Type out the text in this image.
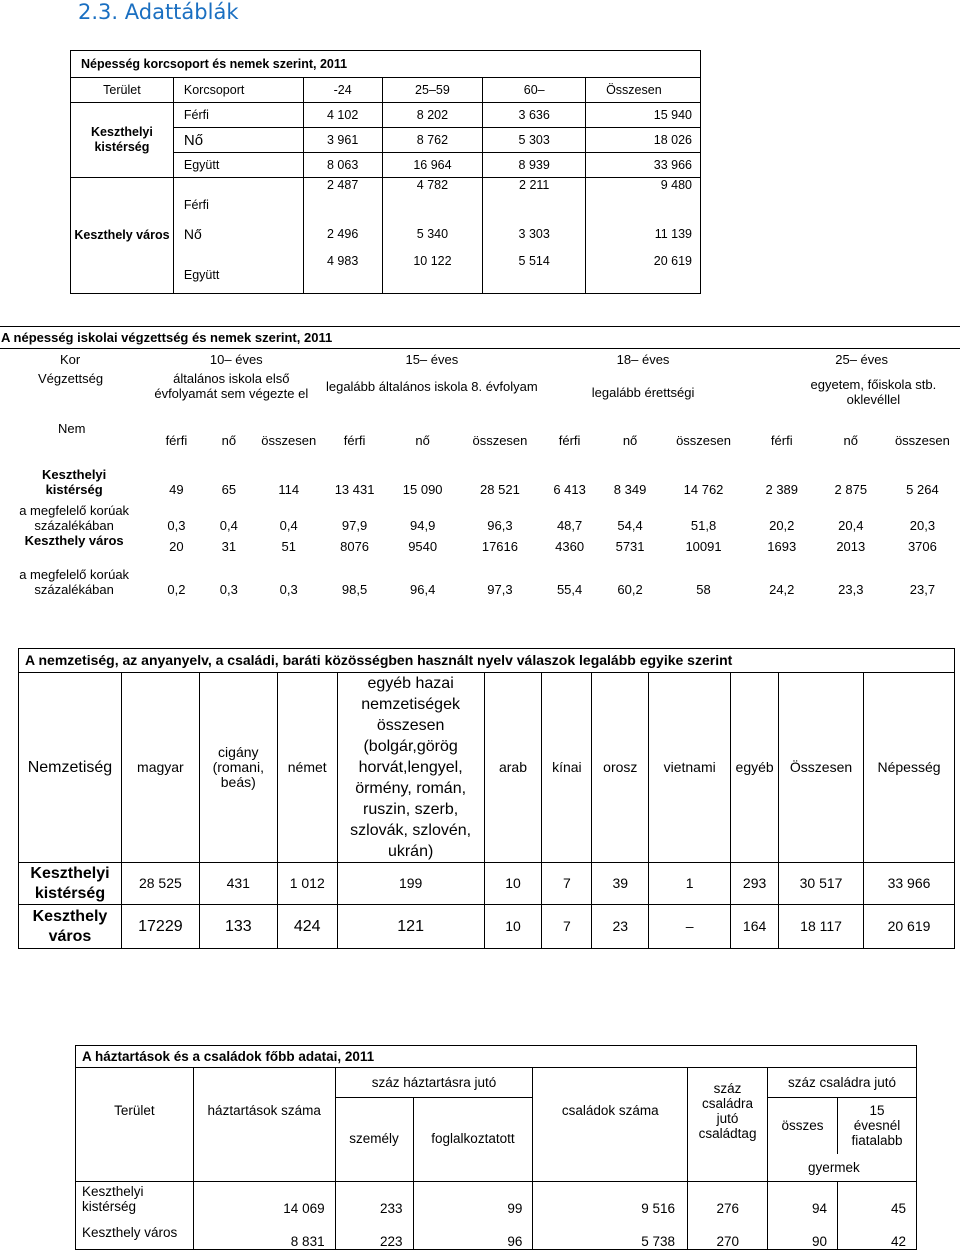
2.3. Adattáblák
Népesség korcsoport és nemek szerint, 2011					
Terület	Korcsoport	-24	25–59	60–	Összesen
Keszthelyi kistérség	Férfi	4 102	8 202	3 636	15 940
	Nő	3 961	8 762	5 303	18 026
	Együtt	8 063	16 964	8 939	33 966
Keszthely város	Férfi	2 487	4 782	2 211	9 480
	Nő	2 496	5 340	3 303	11 139
	Együtt	4 983	10 122	5 514	20 619
A népesség iskolai végzettség és nemek szerint, 2011												
Kor	10– éves			15– éves			18– éves			25– éves		
Végzettség	általános iskola első évfolyamát sem végezte el			legalább általános iskola 8. évfolyam			legalább érettségi			egyetem, főiskola stb. oklevéllel		
Nem	férfi	nő	összesen	férfi	nő	összesen	férfi	nő	összesen	férfi	nő	összesen
Keszthelyi kistérség	49	65	114	13 431	15 090	28 521	6 413	8 349	14 762	2 389	2 875	5 264
a megfelelő korúak százalékában	0,3	0,4	0,4	97,9	94,9	96,3	48,7	54,4	51,8	20,2	20,4	20,3
Keszthely város	20	31	51	8076	9540	17616	4360	5731	10091	1693	2013	3706
a megfelelő korúak százalékában	0,2	0,3	0,3	98,5	96,4	97,3	55,4	60,2	58	24,2	23,3	23,7
A nemzetiség, az anyanyelv, a családi, baráti közösségben használt nyelv válaszok legalább egyike szerint											
Nemzetiség	magyar	cigány (romani, beás)	német	egyéb hazai nemzetiségek összesen (bolgár,görög horvát,lengyel, örmény, román, ruszin, szerb, szlovák, szlovén, ukrán)	arab	kínai	orosz	vietnami	egyéb	Összesen	Népesség
Keszthelyi kistérség	28 525	431	1 012	199	10	7	39	1	293	30 517	33 966
Keszthely város	17229	133	424	121	10	7	23	–	164	18 117	20 619
A háztartások és a családok főbb adatai, 2011							
Terület	háztartások száma	száz háztartásra jutó		családok száma	száz családra jutó családtag	száz családra jutó	
		személy	foglalkoztatott			összes	15 évesnél fiatalabb
						gyermek	
Keszthelyi kistérség	14 069	233	99	9 516	276	94	45
Keszthely város	8 831	223	96	5 738	270	90	42
